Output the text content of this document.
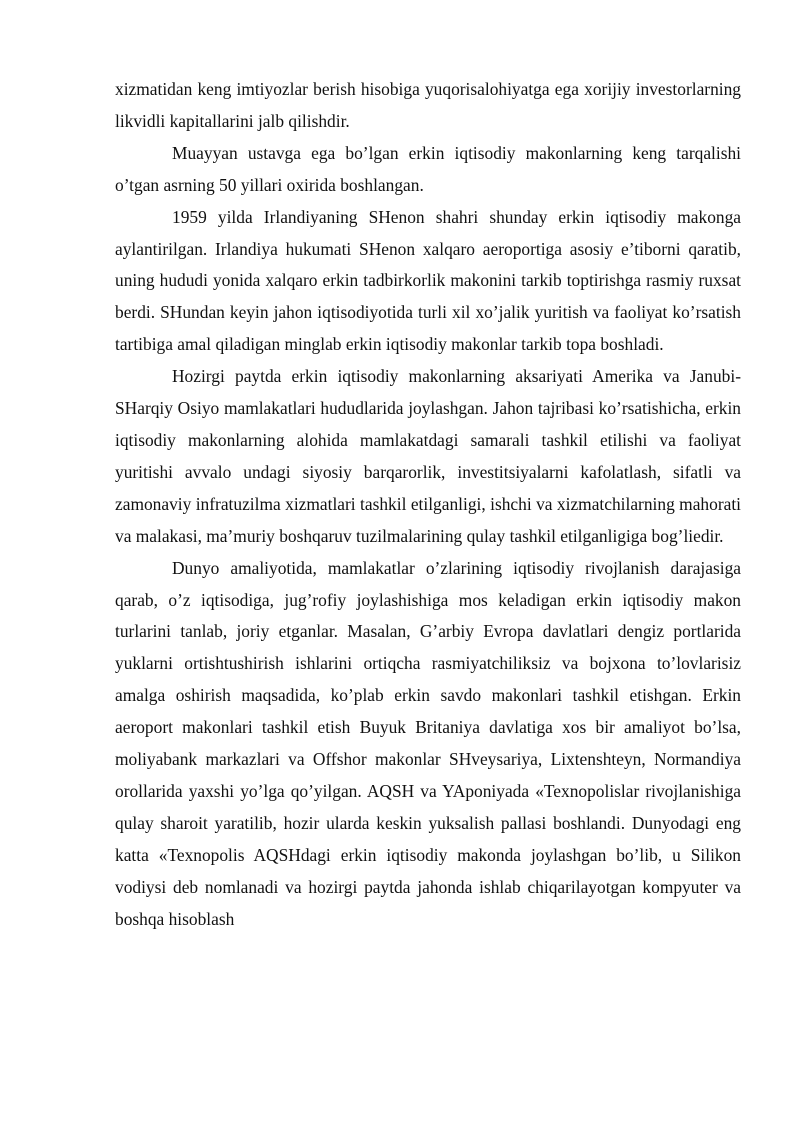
xizmatidan keng imtiyozlar berish hisobiga yuqorisalohiyatga ega xorijiy investorlarning likvidli kapitallarini jalb qilishdir.

Muayyan ustavga ega bo’lgan erkin iqtisodiy makonlarning keng tarqalishi o’tgan asrning 50 yillari oxirida boshlangan.

1959 yilda Irlandiyaning SHenon shahri shunday erkin iqtisodiy makonga aylantirilgan. Irlandiya hukumati SHenon xalqaro aeroportiga asosiy e’tiborni qaratib, uning hududi yonida xalqaro erkin tadbirkorlik makonini tarkib toptirishga rasmiy ruxsat berdi. SHundan keyin jahon iqtisodiyotida turli xil xo’jalik yuritish va faoliyat ko’rsatish tartibiga amal qiladigan minglab erkin iqtisodiy makonlar tarkib topa boshladi.

Hozirgi paytda erkin iqtisodiy makonlarning aksariyati Amerika va Janubi-SHarqiy Osiyo mamlakatlari hududlarida joylashgan. Jahon tajribasi ko’rsatishicha, erkin iqtisodiy makonlarning alohida mamlakatdagi samarali tashkil etilishi va faoliyat yuritishi avvalo undagi siyosiy barqarorlik, investitsiyalarni kafolatlash, sifatli va zamonaviy infratuzilma xizmatlari tashkil etilganligi, ishchi va xizmatchilarning mahorati va malakasi, ma’muriy boshqaruv tuzilmalarining qulay tashkil etilganligiga bog’liedir.

Dunyo amaliyotida, mamlakatlar o’zlarining iqtisodiy rivojlanish darajasiga qarab, o’z iqtisodiga, jug’rofiy joylashishiga mos keladigan erkin iqtisodiy makon turlarini tanlab, joriy etganlar. Masalan, G’arbiy Evropa davlatlari dengiz portlarida yuklarni ortishtushirish ishlarini ortiqcha rasmiyatchiliksiz va bojxona to’lovlarisiz amalga oshirish maqsadida, ko’plab erkin savdo makonlari tashkil etishgan. Erkin aeroport makonlari tashkil etish Buyuk Britaniya davlatiga xos bir amaliyot bo’lsa, moliyabank markazlari va Offshor makonlar SHveysariya, Lixtenshteyn, Normandiya orollarida yaxshi yo’lga qo’yilgan. AQSH va YAponiyada «Texnopolislar rivojlanishiga qulay sharoit yaratilib, hozir ularda keskin yuksalish pallasi boshlandi. Dunyodagi eng katta «Texnopolis AQSHdagi erkin iqtisodiy makonda joylashgan bo’lib, u Silikon vodiysi deb nomlanadi va hozirgi paytda jahonda ishlab chiqarilayotgan kompyuter va boshqa hisoblash
